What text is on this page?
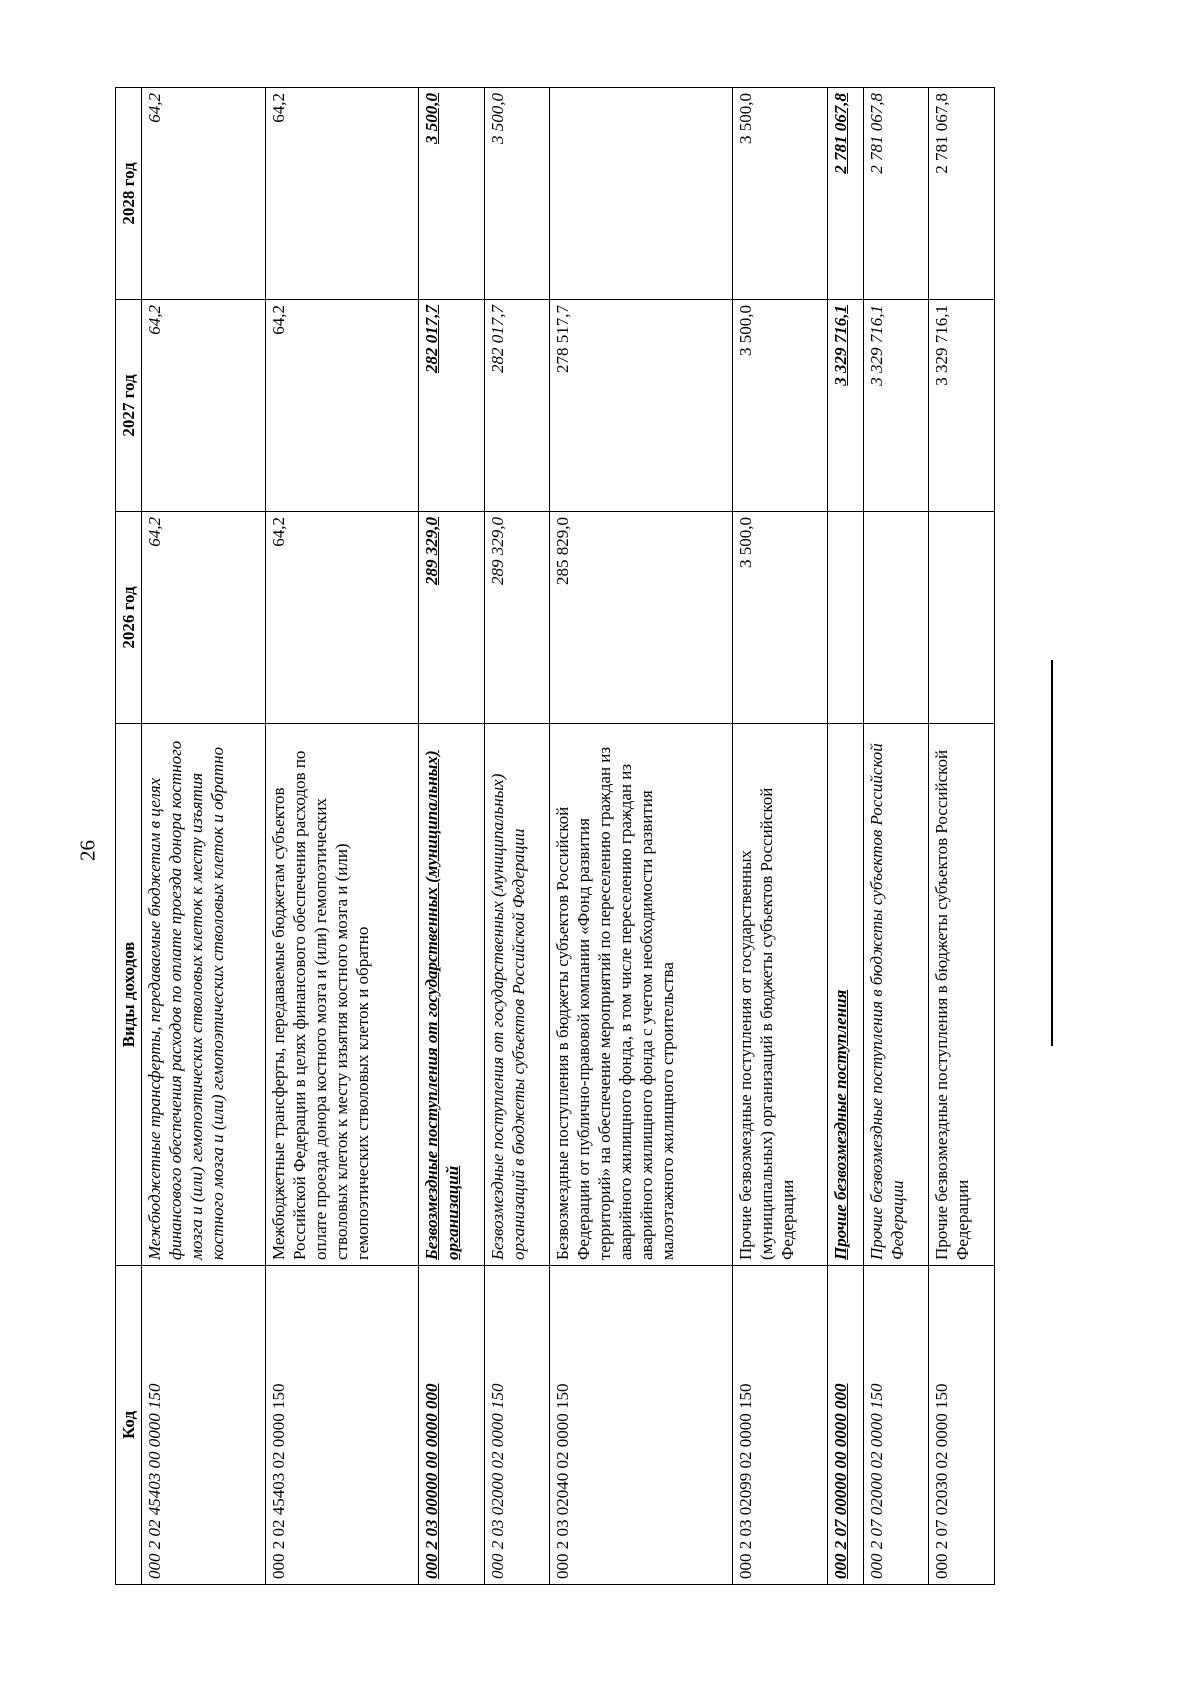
26
Код	Виды доходов	2026 год	2027 год	2028 год
000 2 02 45403 00 0000 150	Межбюджетные трансферты, передаваемые бюджетам в целях финансового обеспечения расходов по оплате проезда донора костного мозга и (или) гемопоэтических стволовых клеток к месту изъятия костного мозга и (или) гемопоэтических стволовых клеток и обратно	64,2	64,2	64,2
000 2 02 45403 02 0000 150	Межбюджетные трансферты, передаваемые бюджетам субъектов Российской Федерации в целях финансового обеспечения расходов по оплате проезда донора костного мозга и (или) гемопоэтических стволовых клеток к месту изъятия костного мозга и (или) гемопоэтических стволовых клеток и обратно	64,2	64,2	64,2
000 2 03 00000 00 0000 000	Безвозмездные поступления от государственных (муниципальных) организаций	289 329,0	282 017,7	3 500,0
000 2 03 02000 02 0000 150	Безвозмездные поступления от государственных (муниципальных) организаций в бюджеты субъектов Российской Федерации	289 329,0	282 017,7	3 500,0
000 2 03 02040 02 0000 150	Безвозмездные поступления в бюджеты субъектов Российской Федерации от публично-правовой компании «Фонд развития территорий» на обеспечение мероприятий по переселению граждан из аварийного жилищного фонда, в том числе переселению граждан из аварийного жилищного фонда с учетом необходимости развития малоэтажного жилищного строительства	285 829,0	278 517,7	
000 2 03 02099 02 0000 150	Прочие безвозмездные поступления от государственных (муниципальных) организаций в бюджеты субъектов Российской Федерации	3 500,0	3 500,0	3 500,0
000 2 07 00000 00 0000 000	Прочие безвозмездные поступления		3 329 716,1	2 781 067,8
000 2 07 02000 02 0000 150	Прочие безвозмездные поступления в бюджеты субъектов Российской Федерации		3 329 716,1	2 781 067,8
000 2 07 02030 02 0000 150	Прочие безвозмездные поступления в бюджеты субъектов Российской Федерации		3 329 716,1	2 781 067,8
